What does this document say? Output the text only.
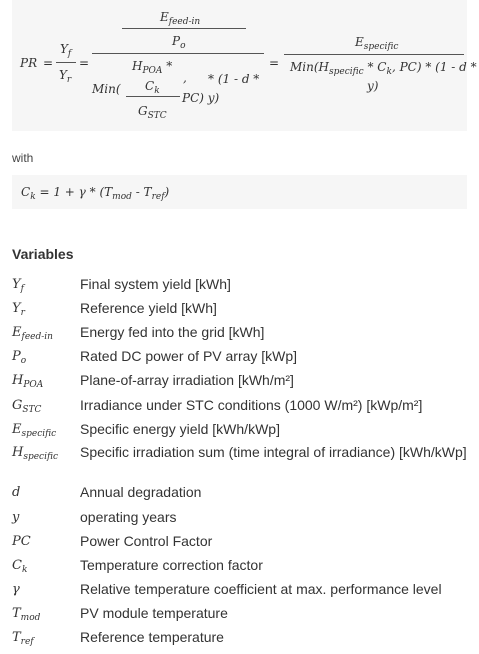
PR =
$Y_f$
$Y_r$
=
$E_{feed-in}$
$P_o$
$H_{POA}$ *
Min( $C_k$
, * (1 - d *
PC) y)
$G_{STC}$
=
$E_{specific}$
$Min(H_{specific} * C_k$, PC) * (1 - d *
y)
with
$C_k = 1 + \gamma * (T_{mod} - T_{ref})$
Variables
$Y_f$	Final system yield [kWh]
$Y_r$	Reference yield [kWh]
$E_{feed-in}$	Energy fed into the grid [kWh]
$P_o$	Rated DC power of PV array [kWp]
$H_{POA}$	Plane-of-array irradiation [kWh/m²]
$G_{STC}$	Irradiance under STC conditions (1000 W/m²) [kWp/m²]
$E_{specific}$	Specific energy yield [kWh/kWp]
$H_{specific}$	Specific irradiation sum (time integral of irradiance) [kWh/kWp]
d	Annual degradation
y	operating years
PC	Power Control Factor
$C_k$	Temperature correction factor
γ	Relative temperature coefficient at max. performance level
$T_{mod}$	PV module temperature
$T_{ref}$	Reference temperature
